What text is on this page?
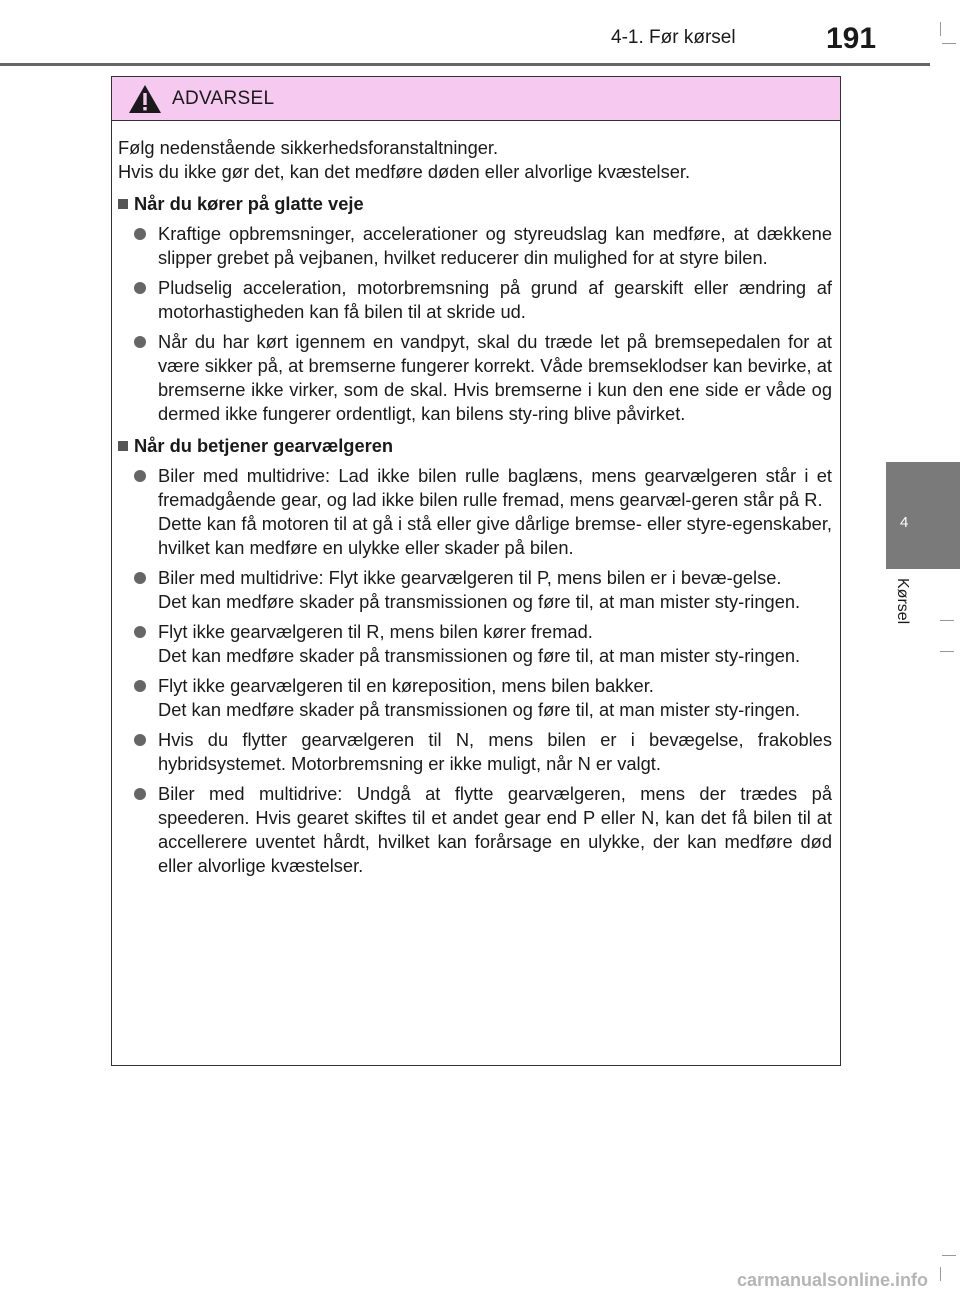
4-1. Før kørsel	191
4
Kørsel
ADVARSEL
Følg nedenstående sikkerhedsforanstaltninger.
Hvis du ikke gør det, kan det medføre døden eller alvorlige kvæstelser.
Når du kører på glatte veje

Kraftige opbremsninger, accelerationer og styreudslag kan medføre, at dækkene slipper grebet på vejbanen, hvilket reducerer din mulighed for at styre bilen.

Pludselig acceleration, motorbremsning på grund af gearskift eller ændring af motorhastigheden kan få bilen til at skride ud.

Når du har kørt igennem en vandpyt, skal du træde let på bremsepedalen for at være sikker på, at bremserne fungerer korrekt. Våde bremseklodser kan bevirke, at bremserne ikke virker, som de skal. Hvis bremserne i kun den ene side er våde og dermed ikke fungerer ordentligt, kan bilens sty-ring blive påvirket.

Når du betjener gearvælgeren

Biler med multidrive: Lad ikke bilen rulle baglæns, mens gearvælgeren står i et fremadgående gear, og lad ikke bilen rulle fremad, mens gearvæl-geren står på R.

Dette kan få motoren til at gå i stå eller give dårlige bremse- eller styre-egenskaber, hvilket kan medføre en ulykke eller skader på bilen.

Biler med multidrive: Flyt ikke gearvælgeren til P, mens bilen er i bevæ-gelse.

Det kan medføre skader på transmissionen og føre til, at man mister sty-ringen.

Flyt ikke gearvælgeren til R, mens bilen kører fremad.

Det kan medføre skader på transmissionen og føre til, at man mister sty-ringen.

Flyt ikke gearvælgeren til en køreposition, mens bilen bakker.

Det kan medføre skader på transmissionen og føre til, at man mister sty-ringen.

Hvis du flytter gearvælgeren til N, mens bilen er i bevægelse, frakobles hybridsystemet. Motorbremsning er ikke muligt, når N er valgt.

Biler med multidrive: Undgå at flytte gearvælgeren, mens der trædes på speederen. Hvis gearet skiftes til et andet gear end P eller N, kan det få bilen til at accellerere uventet hårdt, hvilket kan forårsage en ulykke, der kan medføre død eller alvorlige kvæstelser.

carmanualsonline.info
